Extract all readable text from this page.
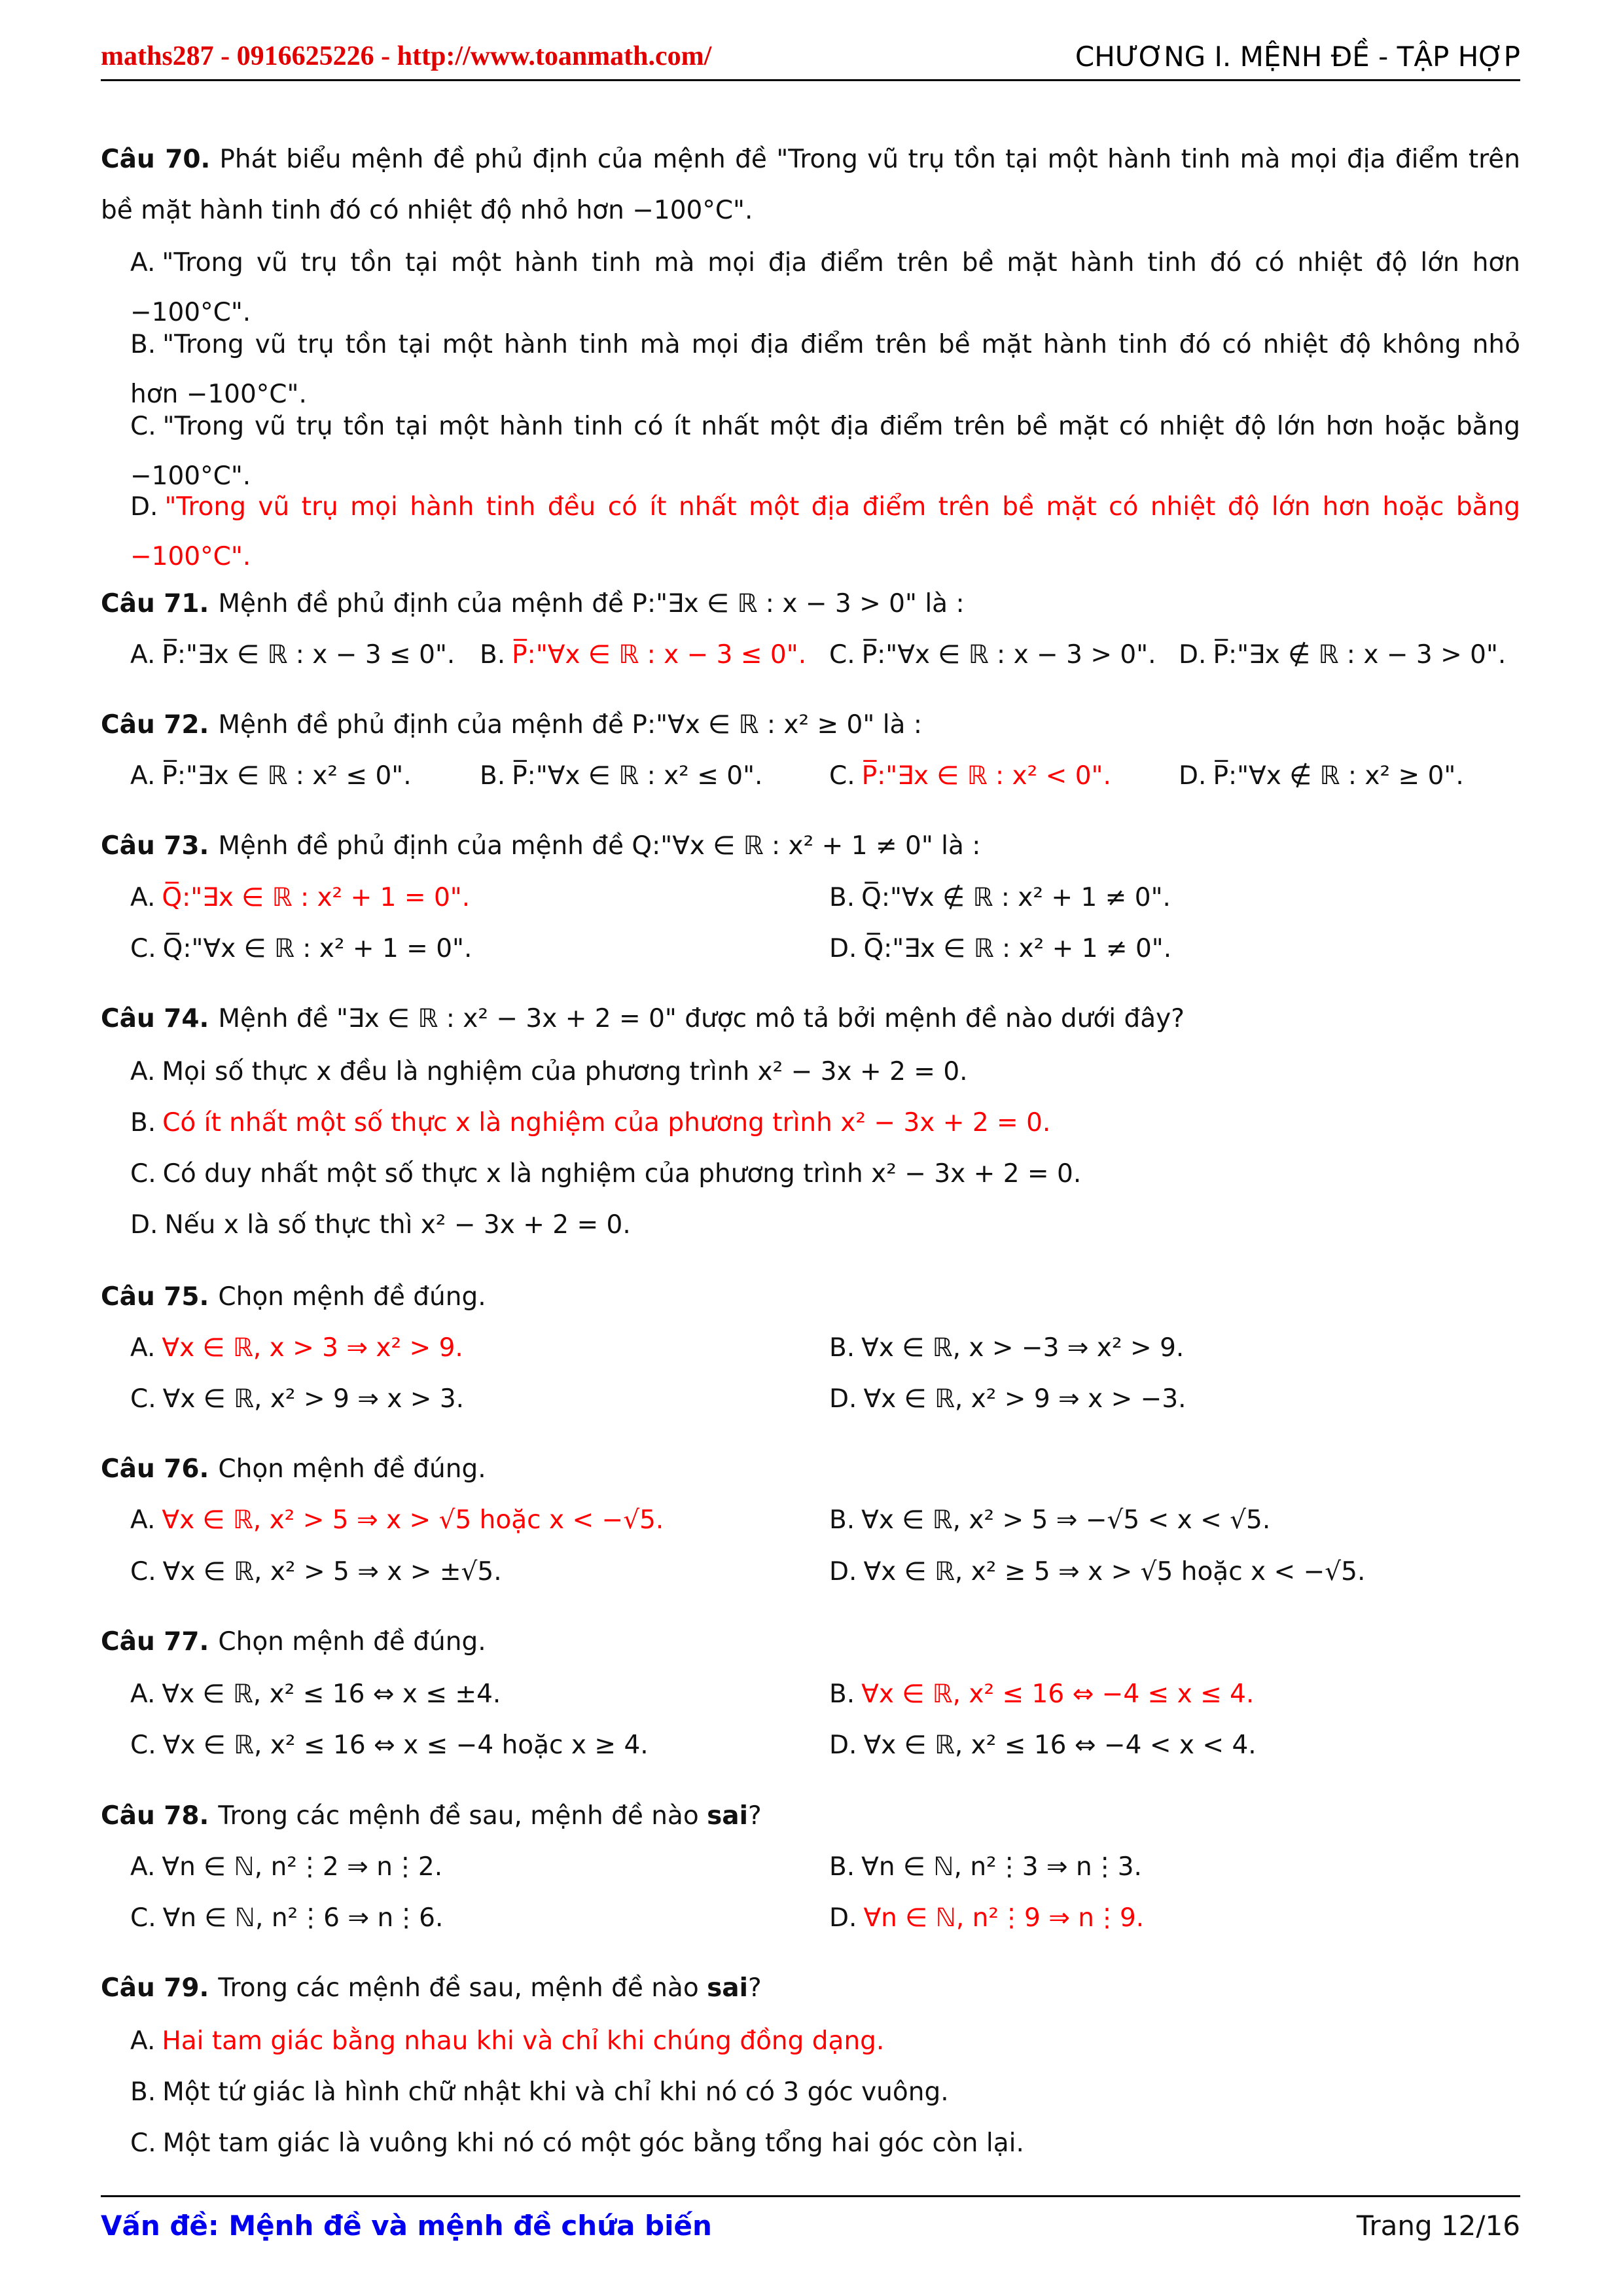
maths287 - 0916625226 - http://www.toanmath.com/	CHƯƠNG I. MỆNH ĐỀ - TẬP HỢP
Câu 70. Phát biểu mệnh đề phủ định của mệnh đề "Trong vũ trụ tồn tại một hành tinh mà mọi địa điểm trên
bề mặt hành tinh đó có nhiệt độ nhỏ hơn −100°C".
A. "Trong vũ trụ tồn tại một hành tinh mà mọi địa điểm trên bề mặt hành tinh đó có nhiệt độ lớn hơn
−100°C".
B. "Trong vũ trụ tồn tại một hành tinh mà mọi địa điểm trên bề mặt hành tinh đó có nhiệt độ không nhỏ
hơn −100°C".
C. "Trong vũ trụ tồn tại một hành tinh có ít nhất một địa điểm trên bề mặt có nhiệt độ lớn hơn hoặc bằng
−100°C".
D. "Trong vũ trụ mọi hành tinh đều có ít nhất một địa điểm trên bề mặt có nhiệt độ lớn hơn hoặc bằng
−100°C".
Câu 71. Mệnh đề phủ định của mệnh đề P:"∃x ∈ ℝ : x − 3 > 0" là :
A. P̅:"∃x ∈ ℝ : x − 3 ≤ 0". B. P̅:"∀x ∈ ℝ : x − 3 ≤ 0". C. P̅:"∀x ∈ ℝ : x − 3 > 0". D. P̅:"∃x ∉ ℝ : x − 3 > 0".
Câu 72. Mệnh đề phủ định của mệnh đề P:"∀x ∈ ℝ : x² ≥ 0" là :
A. P̅:"∃x ∈ ℝ : x² ≤ 0".	B. P̅:"∀x ∈ ℝ : x² ≤ 0".	C. P̅:"∃x ∈ ℝ : x² < 0".	D. P̅:"∀x ∉ ℝ : x² ≥ 0".
Câu 73. Mệnh đề phủ định của mệnh đề Q:"∀x ∈ ℝ : x² + 1 ≠ 0" là :
A. Q̅:"∃x ∈ ℝ : x² + 1 = 0".	B. Q̅:"∀x ∉ ℝ : x² + 1 ≠ 0".
C. Q̅:"∀x ∈ ℝ : x² + 1 = 0".	D. Q̅:"∃x ∈ ℝ : x² + 1 ≠ 0".
Câu 74. Mệnh đề "∃x ∈ ℝ : x² − 3x + 2 = 0" được mô tả bởi mệnh đề nào dưới đây?
A. Mọi số thực x đều là nghiệm của phương trình x² − 3x + 2 = 0.
B. Có ít nhất một số thực x là nghiệm của phương trình x² − 3x + 2 = 0.
C. Có duy nhất một số thực x là nghiệm của phương trình x² − 3x + 2 = 0.
D. Nếu x là số thực thì x² − 3x + 2 = 0.
Câu 75. Chọn mệnh đề đúng.
A. ∀x ∈ ℝ, x > 3 ⇒ x² > 9.	B. ∀x ∈ ℝ, x > −3 ⇒ x² > 9.
C. ∀x ∈ ℝ, x² > 9 ⇒ x > 3.	D. ∀x ∈ ℝ, x² > 9 ⇒ x > −3.
Câu 76. Chọn mệnh đề đúng.
A. ∀x ∈ ℝ, x² > 5 ⇒ x > √5 hoặc x < −√5.	B. ∀x ∈ ℝ, x² > 5 ⇒ −√5 < x < √5.
C. ∀x ∈ ℝ, x² > 5 ⇒ x > ±√5.	D. ∀x ∈ ℝ, x² ≥ 5 ⇒ x > √5 hoặc x < −√5.
Câu 77. Chọn mệnh đề đúng.
A. ∀x ∈ ℝ, x² ≤ 16 ⇔ x ≤ ±4.	B. ∀x ∈ ℝ, x² ≤ 16 ⇔ −4 ≤ x ≤ 4.
C. ∀x ∈ ℝ, x² ≤ 16 ⇔ x ≤ −4 hoặc x ≥ 4.	D. ∀x ∈ ℝ, x² ≤ 16 ⇔ −4 < x < 4.
Câu 78. Trong các mệnh đề sau, mệnh đề nào sai?
A. ∀n ∈ ℕ, n²⋮2 ⇒ n⋮2.	B. ∀n ∈ ℕ, n²⋮3 ⇒ n⋮3.
C. ∀n ∈ ℕ, n²⋮6 ⇒ n⋮6.	D. ∀n ∈ ℕ, n²⋮9 ⇒ n⋮9.
Câu 79. Trong các mệnh đề sau, mệnh đề nào sai?
A. Hai tam giác bằng nhau khi và chỉ khi chúng đồng dạng.
B. Một tứ giác là hình chữ nhật khi và chỉ khi nó có 3 góc vuông.
C. Một tam giác là vuông khi nó có một góc bằng tổng hai góc còn lại.
Vấn đề: Mệnh đề và mệnh đề chứa biến	Trang 12/16
